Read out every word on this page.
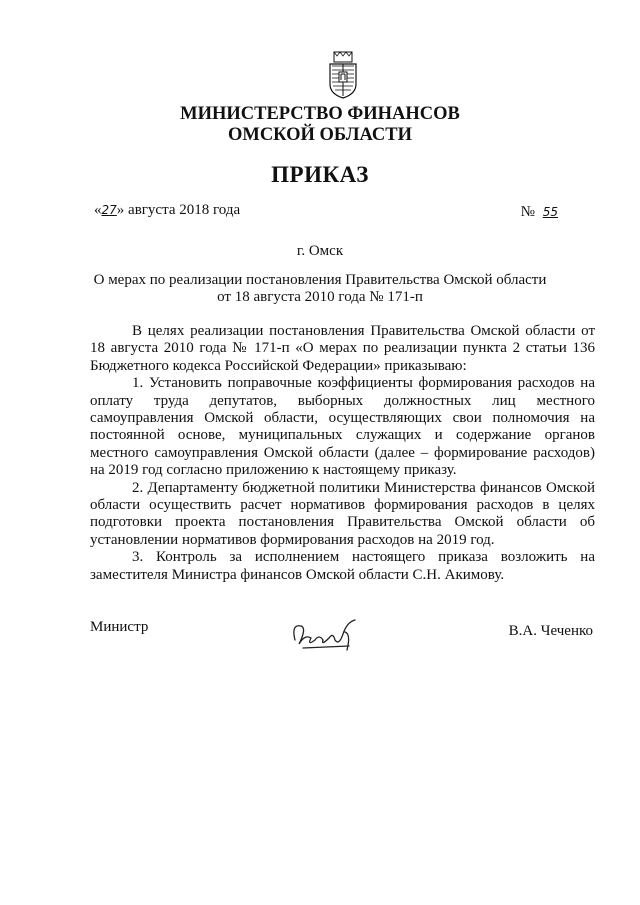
МИНИСТЕРСТВО ФИНАНСОВ
ОМСКОЙ ОБЛАСТИ
ПРИКАЗ
«27» августа 2018 года	№ 55
г. Омск
О мерах по реализации постановления Правительства Омской области
от 18 августа 2010 года № 171-п

В целях реализации постановления Правительства Омской области от 18 августа 2010 года № 171-п «О мерах по реализации пункта 2 статьи 136 Бюджетного кодекса Российской Федерации» приказываю:

1. Установить поправочные коэффициенты формирования расходов на оплату труда депутатов, выборных должностных лиц местного самоуправления Омской области, осуществляющих свои полномочия на постоянной основе, муниципальных служащих и содержание органов местного самоуправления Омской области (далее – формирование расходов) на 2019 год согласно приложению к настоящему приказу.

2. Департаменту бюджетной политики Министерства финансов Омской области осуществить расчет нормативов формирования расходов в целях подготовки проекта постановления Правительства Омской области об установлении нормативов формирования расходов на 2019 год.

3. Контроль за исполнением настоящего приказа возложить на заместителя Министра финансов Омской области С.Н. Акимову.

Министр	В.А. Чеченко
